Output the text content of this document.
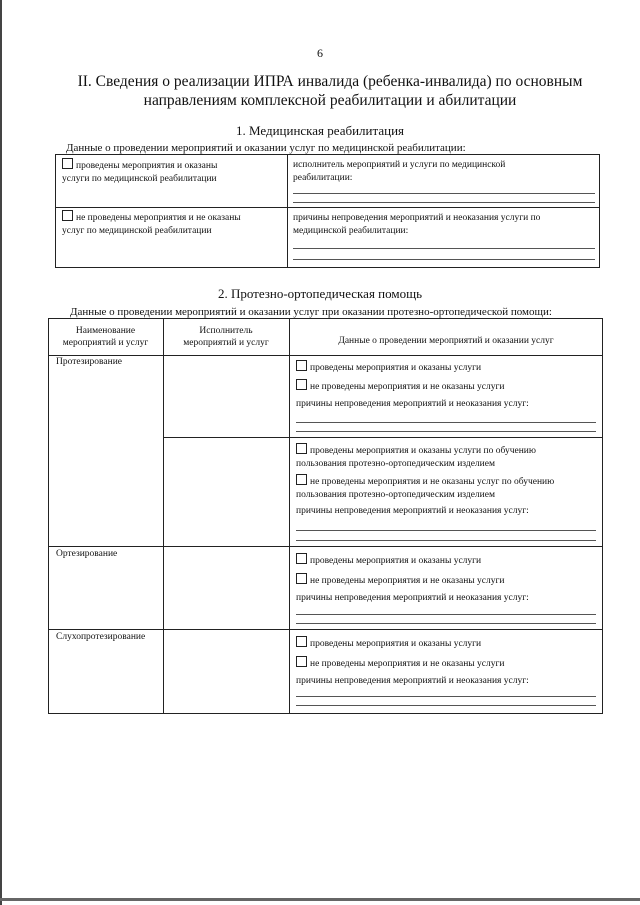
6
II. Сведения о реализации ИПРА инвалида (ребенка-инвалида) по основным
направлениям комплексной реабилитации и абилитации
1. Медицинская реабилитация
Данные о проведении мероприятий и оказании услуг по медицинской реабилитации:
проведены мероприятия и оказаны
услуги по медицинской реабилитации
исполнитель мероприятий и услуги по медицинской
реабилитации:
не проведены мероприятия и не оказаны
услуг по медицинской реабилитации
причины непроведения мероприятий и неоказания услуги по
медицинской реабилитации:
2. Протезно-ортопедическая помощь
Данные о проведении мероприятий и оказании услуг при оказании протезно-ортопедической помощи:
Наименование
мероприятий и услуг
Исполнитель
мероприятий и услуг	Данные о проведении мероприятий и оказании услуг
Протезирование
проведены мероприятия и оказаны услуги
не проведены мероприятия и не оказаны услуги
причины непроведения мероприятий и неоказания услуг:
проведены мероприятия и оказаны услуги по обучению
пользования протезно-ортопедическим изделием
не проведены мероприятия и не оказаны услуг по обучению
пользования протезно-ортопедическим изделием
причины непроведения мероприятий и неоказания услуг:
Ортезирование
проведены мероприятия и оказаны услуги
не проведены мероприятия и не оказаны услуги
причины непроведения мероприятий и неоказания услуг:
Слухопротезирование
проведены мероприятия и оказаны услуги
не проведены мероприятия и не оказаны услуги
причины непроведения мероприятий и неоказания услуг:
